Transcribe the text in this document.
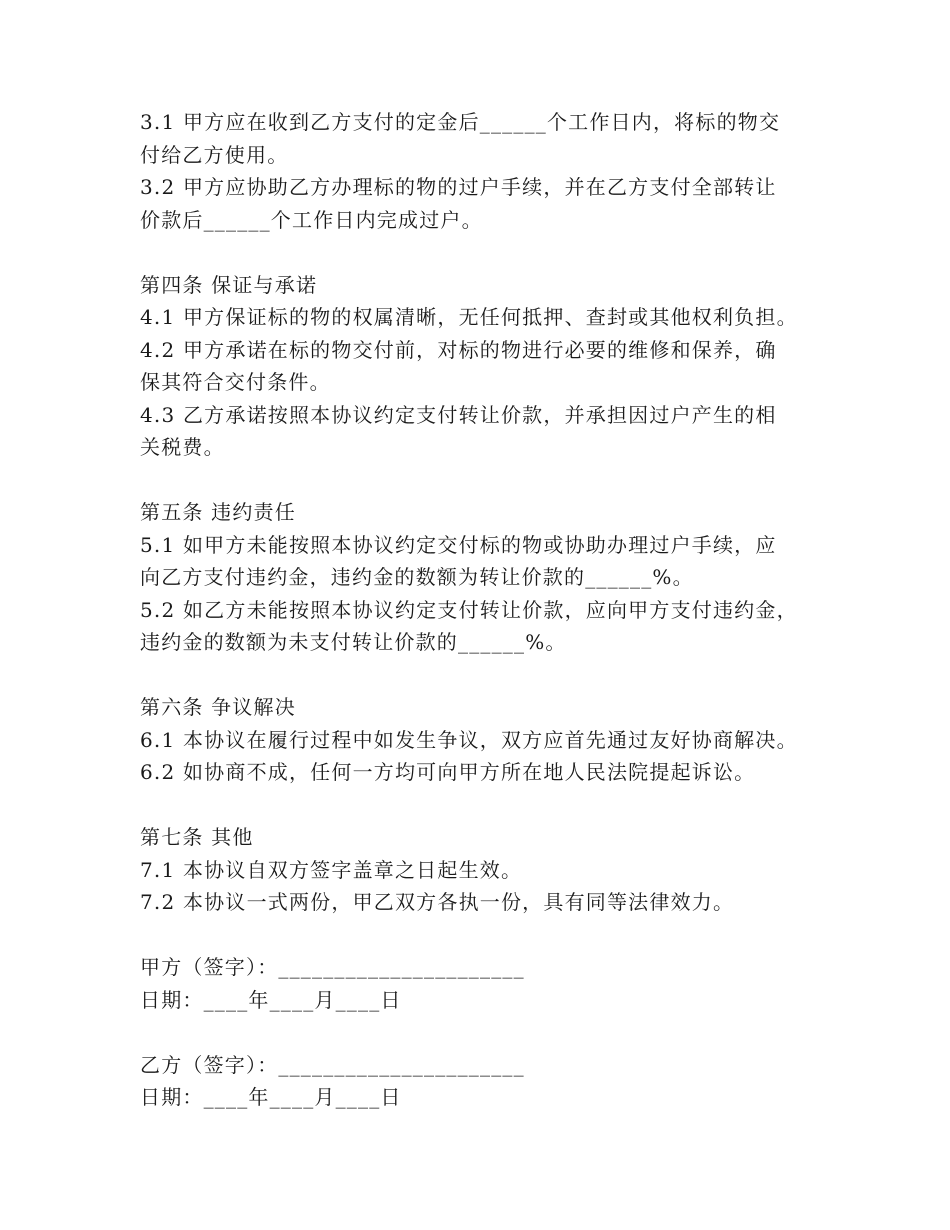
3.1 甲方应在收到乙方支付的定金后______个工作日内，将标的物交
付给乙方使用。
3.2 甲方应协助乙方办理标的物的过户手续，并在乙方支付全部转让
价款后______个工作日内完成过户。
第四条 保证与承诺
4.1 甲方保证标的物的权属清晰，无任何抵押、查封或其他权利负担。
4.2 甲方承诺在标的物交付前，对标的物进行必要的维修和保养，确
保其符合交付条件。
4.3 乙方承诺按照本协议约定支付转让价款，并承担因过户产生的相
关税费。
第五条 违约责任
5.1 如甲方未能按照本协议约定交付标的物或协助办理过户手续，应
向乙方支付违约金，违约金的数额为转让价款的______%。
5.2 如乙方未能按照本协议约定支付转让价款，应向甲方支付违约金，
违约金的数额为未支付转让价款的______%。
第六条 争议解决
6.1 本协议在履行过程中如发生争议，双方应首先通过友好协商解决。
6.2 如协商不成，任何一方均可向甲方所在地人民法院提起诉讼。
第七条 其他
7.1 本协议自双方签字盖章之日起生效。
7.2 本协议一式两份，甲乙双方各执一份，具有同等法律效力。
甲方（签字）：______________________
日期：____年____月____日
乙方（签字）：______________________
日期：____年____月____日
